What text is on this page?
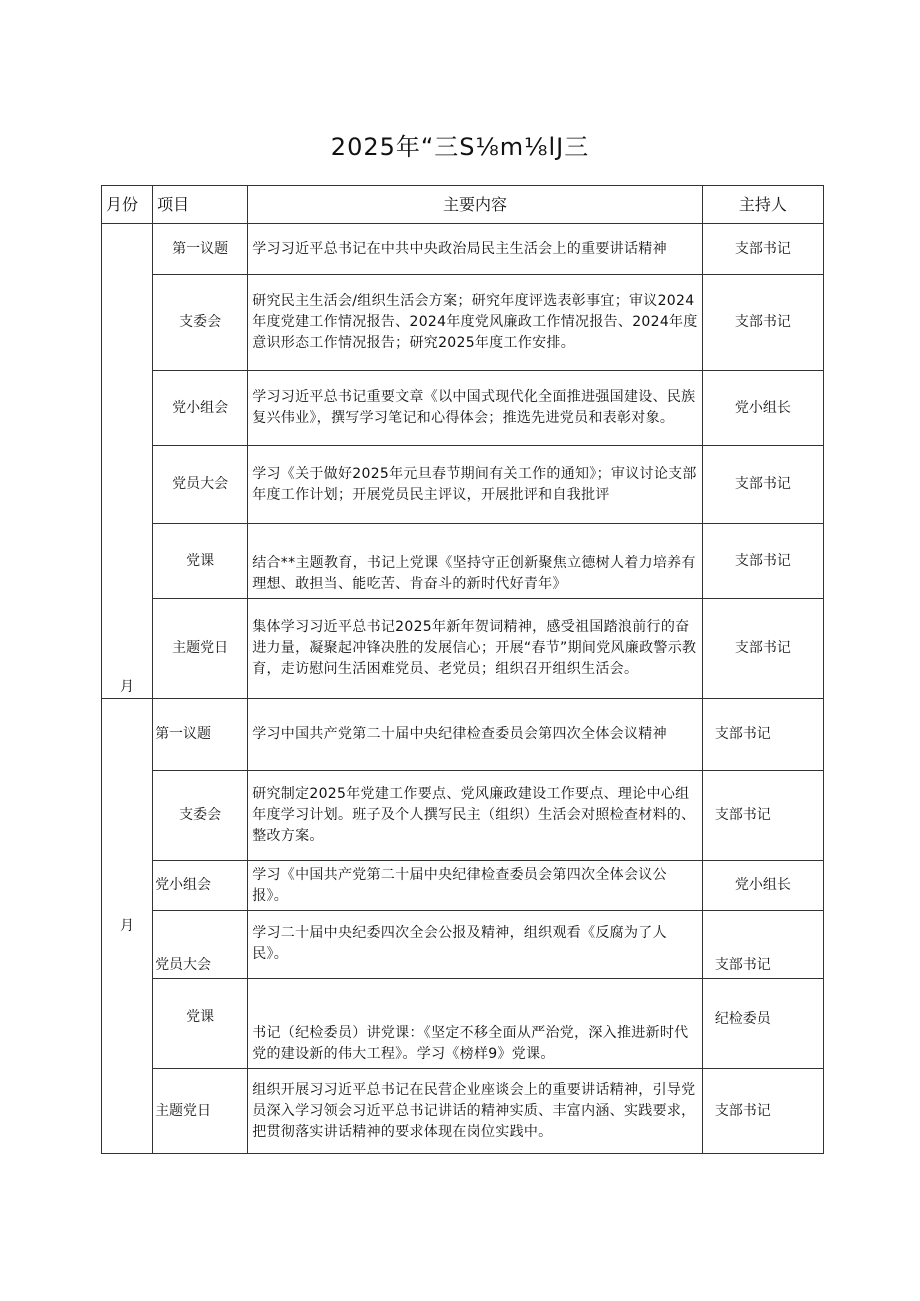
2025年“三S⅛m⅛lJ三
月份	项目	主要内容	主持人
月	第一议题	学习习近平总书记在中共中央政治局民主生活会上的重要讲话精神	支部书记
	支委会	研究民主生活会/组织生活会方案；研究年度评选表彰事宜；审议2024年度党建工作情况报告、2024年度党风廉政工作情况报告、2024年度意识形态工作情况报告；研究2025年度工作安排。	支部书记
	党小组会	学习习近平总书记重要文章《以中国式现代化全面推进强国建设、民族复兴伟业》，撰写学习笔记和心得体会；推选先进党员和表彰对象。	党小组长
	党员大会	学习《关于做好2025年元旦春节期间有关工作的通知》；审议讨论支部年度工作计划；开展党员民主评议，开展批评和自我批评	支部书记
	党课	结合**主题教育，书记上党课《坚持守正创新聚焦立德树人着力培养有理想、敢担当、能吃苦、肯奋斗的新时代好青年》	支部书记
	主题党日	集体学习习近平总书记2025年新年贺词精神，感受祖国踏浪前行的奋进力量，凝聚起冲锋决胜的发展信心；开展“春节”期间党风廉政警示教育，走访慰问生活困难党员、老党员；组织召开组织生活会。	支部书记
月	第一议题	学习中国共产党第二十届中央纪律检查委员会第四次全体会议精神	支部书记
	支委会	研究制定2025年党建工作要点、党风廉政建设工作要点、理论中心组年度学习计划。班子及个人撰写民主（组织）生活会对照检查材料的、整改方案。	支部书记
	党小组会	学习《中国共产党第二十届中央纪律检查委员会第四次全体会议公报》。	党小组长
	党员大会	学习二十届中央纪委四次全会公报及精神，组织观看《反腐为了人民》。	支部书记
	党课	书记（纪检委员）讲党课：《坚定不移全面从严治党，深入推进新时代党的建设新的伟大工程》。学习《榜样9》党课。	纪检委员
	主题党日	组织开展习习近平总书记在民营企业座谈会上的重要讲话精神，引导党员深入学习领会习近平总书记讲话的精神实质、丰富内涵、实践要求，把贯彻落实讲话精神的要求体现在岗位实践中。	支部书记
